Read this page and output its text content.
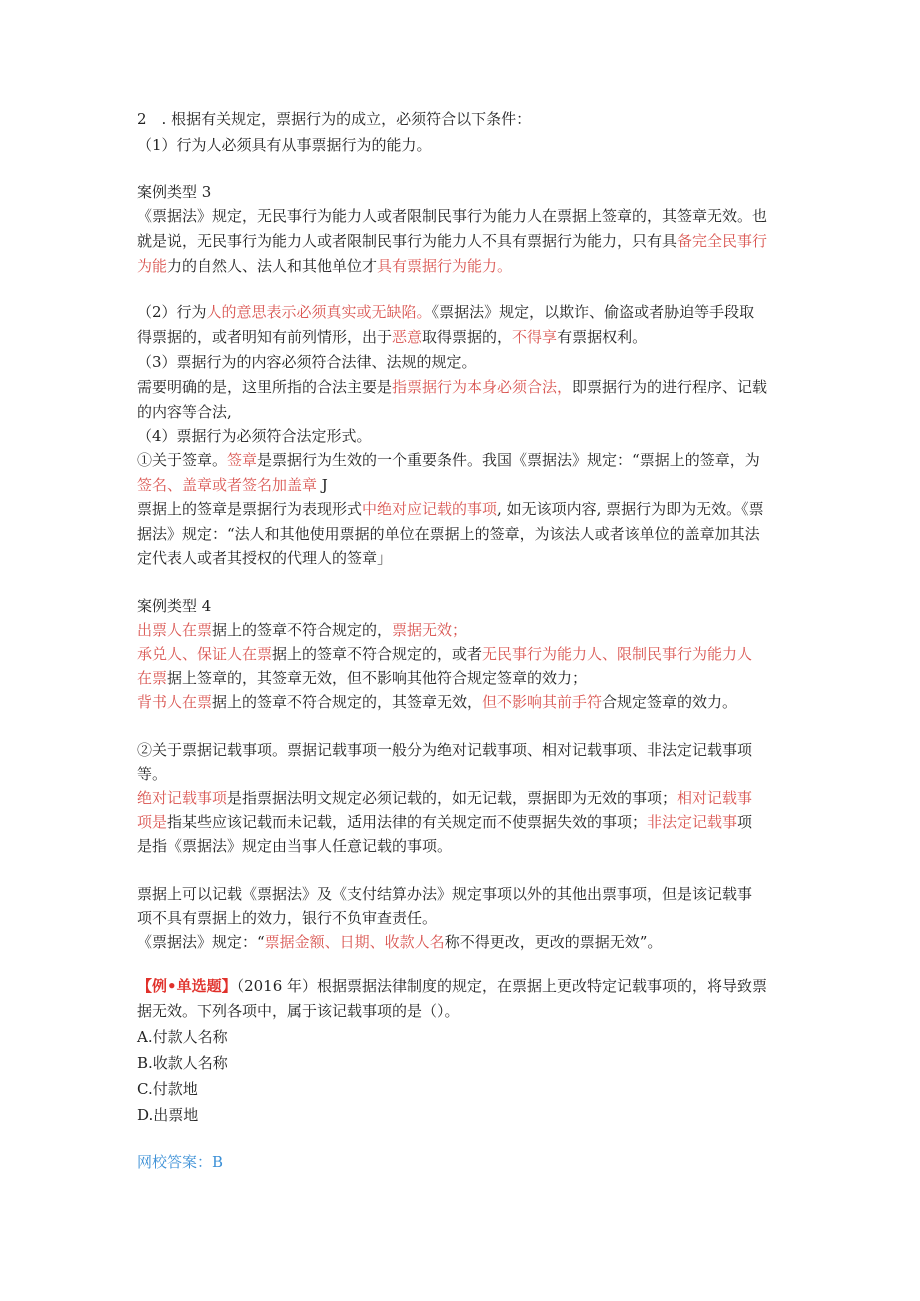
2　. 根据有关规定，票据行为的成立，必须符合以下条件：
（1）行为人必须具有从事票据行为的能力。
案例类型 3
《票据法》规定，无民事行为能力人或者限制民事行为能力人在票据上签章的，其签章无效。也
就是说，无民事行为能力人或者限制民事行为能力人不具有票据行为能力，只有具备完全民事行
为能力的自然人、法人和其他单位才具有票据行为能力。
（2）行为人的意思表示必须真实或无缺陷。《票据法》规定，以欺诈、偷盗或者胁迫等手段取
得票据的，或者明知有前列情形，出于恶意取得票据的，不得享有票据权利。
（3）票据行为的内容必须符合法律、法规的规定。
需要明确的是，这里所指的合法主要是指票据行为本身必须合法，即票据行为的进行程序、记载
的内容等合法,
（4）票据行为必须符合法定形式。
①关于签章。签章是票据行为生效的一个重要条件。我国《票据法》规定：“票据上的签章，为
签名、盖章或者签名加盖章 J
票据上的签章是票据行为表现形式中绝对应记载的事项, 如无该项内容, 票据行为即为无效。《票
据法》规定：“法人和其他使用票据的单位在票据上的签章，为该法人或者该单位的盖章加其法
定代表人或者其授权的代理人的签章」
案例类型 4
出票人在票据上的签章不符合规定的，票据无效；
承兑人、保证人在票据上的签章不符合规定的，或者无民事行为能力人、限制民事行为能力人
在票据上签章的，其签章无效，但不影响其他符合规定签章的效力；
背书人在票据上的签章不符合规定的，其签章无效，但不影响其前手符合规定签章的效力。
②关于票据记载事项。票据记载事项一般分为绝对记载事项、相对记载事项、非法定记载事项
等。
绝对记载事项是指票据法明文规定必须记载的，如无记载，票据即为无效的事项；相对记载事
项是指某些应该记载而未记载，适用法律的有关规定而不使票据失效的事项；非法定记载事项
是指《票据法》规定由当事人任意记载的事项。
票据上可以记载《票据法》及《支付结算办法》规定事项以外的其他出票事项，但是该记载事
项不具有票据上的效力，银行不负审查责任。
《票据法》规定：“票据金额、日期、收款人名称不得更改，更改的票据无效”。
【例•单选题】（2016 年）根据票据法律制度的规定，在票据上更改特定记载事项的，将导致票
据无效。下列各项中，属于该记载事项的是（）。
A.付款人名称
B.收款人名称
C.付款地
D.出票地
网校答案：B
